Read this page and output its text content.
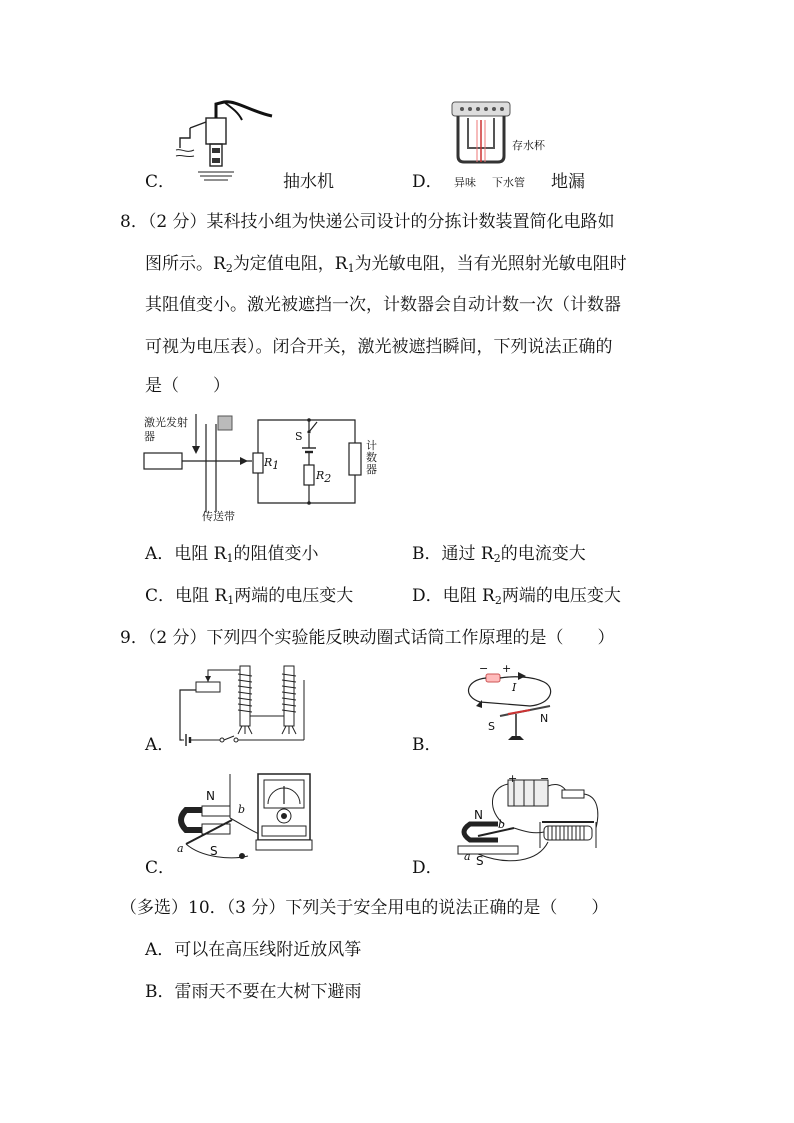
C．	抽水机
存水杯
异味 下水管
D．	地漏
8．（2 分）某科技小组为快递公司设计的分拣计数装置简化电路如
图所示。$R_2$为定值电阻，$R_1$为光敏电阻，当有光照射光敏电阻时
其阻值变小。激光被遮挡一次，计数器会自动计数一次（计数器
可视为电压表）。闭合开关，激光被遮挡瞬间，下列说法正确的
是（　　）
激光发射　器
传送带
计数器
S
$R_1$
$R_2$
A．电阻 $R_1$的阻值变小	B．通过 $R_2$的电流变大
C．电阻 $R_1$两端的电压变大	D．电阻 $R_2$两端的电压变大
9．（2 分）下列四个实验能反映动圈式话筒工作原理的是（　　）
A．
− +
I
S
N
B．
N
S
a
b
C．
+ −
N
S
a
b
D．
（多选）10．（3 分）下列关于安全用电的说法正确的是（　　）
A．可以在高压线附近放风筝
B．雷雨天不要在大树下避雨
